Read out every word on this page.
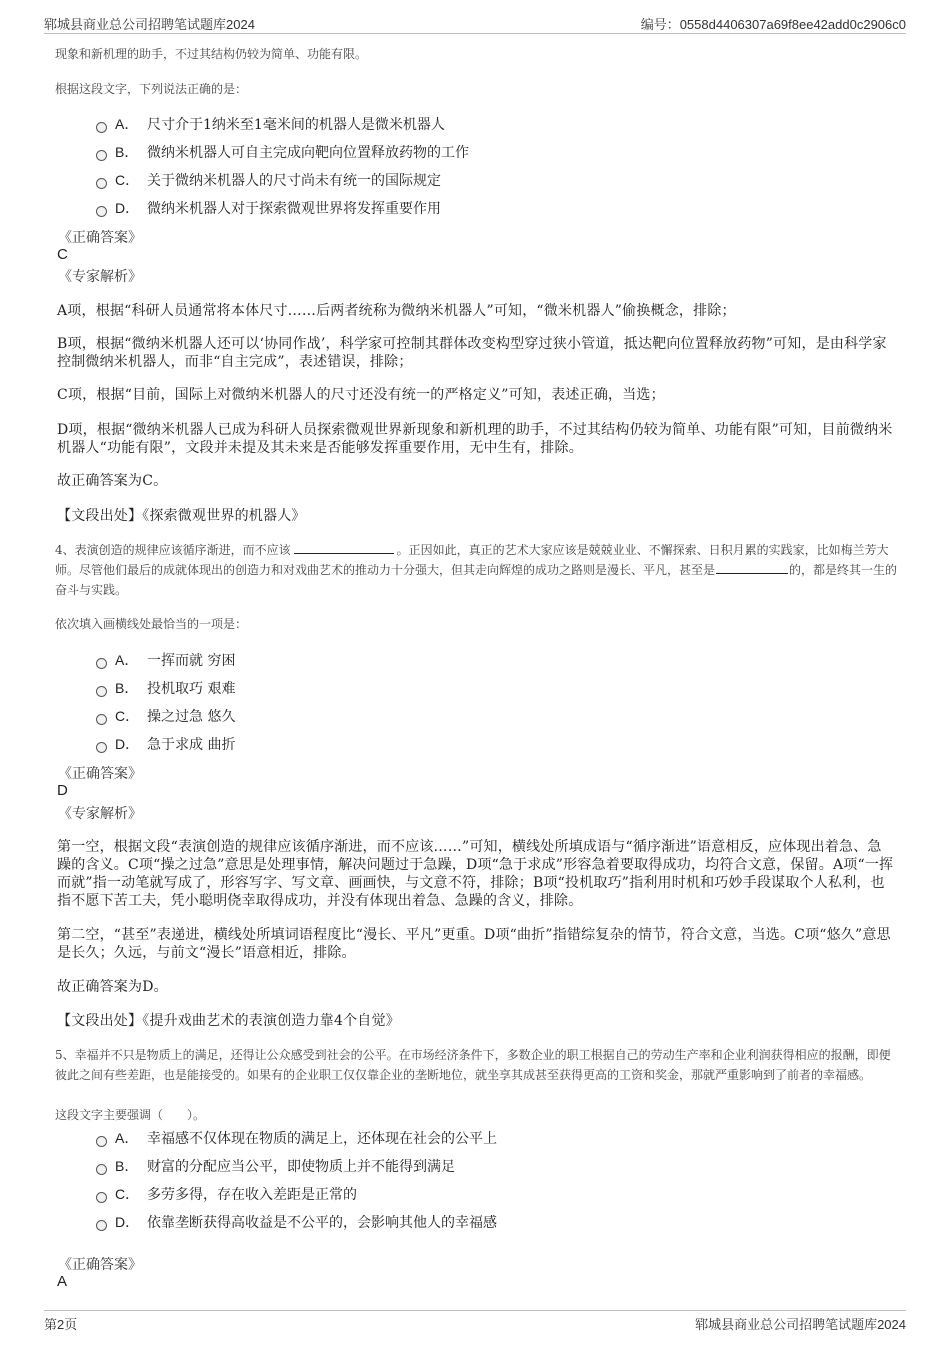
郓城县商业总公司招聘笔试题库2024	编号：0558d4406307a69f8ee42add0c2906c0
现象和新机理的助手，不过其结构仍较为简单、功能有限。
根据这段文字，下列说法正确的是：
A． 尺寸介于1纳米至1毫米间的机器人是微米机器人
B． 微纳米机器人可自主完成向靶向位置释放药物的工作
C． 关于微纳米机器人的尺寸尚未有统一的国际规定
D． 微纳米机器人对于探索微观世界将发挥重要作用
《正确答案》
C
《专家解析》
A项，根据“科研人员通常将本体尺寸……后两者统称为微纳米机器人”可知，“微米机器人”偷换概念，排除；
B项，根据“微纳米机器人还可以‘协同作战’，科学家可控制其群体改变构型穿过狭小管道，抵达靶向位置释放药物”可知，是由科学家控制微纳米机器人，而非“自主完成”，表述错误，排除；
C项，根据“目前，国际上对微纳米机器人的尺寸还没有统一的严格定义”可知，表述正确，当选；
D项，根据“微纳米机器人已成为科研人员探索微观世界新现象和新机理的助手，不过其结构仍较为简单、功能有限”可知，目前微纳米机器人“功能有限”，文段并未提及其未来是否能够发挥重要作用，无中生有，排除。
故正确答案为C。
【文段出处】《探索微观世界的机器人》
4、表演创造的规律应该循序渐进，而不应该	。正因如此，真正的艺术大家应该是兢兢业业、不懈探索、日积月累的实践家，比如梅兰芳大师。尽管他们最后的成就体现出的创造力和对戏曲艺术的推动力十分强大，但其走向辉煌的成功之路则是漫长、平凡，甚至是	的，都是终其一生的奋斗与实践。
依次填入画横线处最恰当的一项是：
A． 一挥而就 穷困
B． 投机取巧 艰难
C． 操之过急 悠久
D． 急于求成 曲折
《正确答案》
D
《专家解析》
第一空，根据文段“表演创造的规律应该循序渐进，而不应该……”可知，横线处所填成语与“循序渐进”语意相反，应体现出着急、急躁的含义。C项“操之过急”意思是处理事情，解决问题过于急躁，D项“急于求成”形容急着要取得成功，均符合文意，保留。A项“一挥而就”指一动笔就写成了，形容写字、写文章、画画快，与文意不符，排除；B项“投机取巧”指利用时机和巧妙手段谋取个人私利，也指不愿下苦工夫，凭小聪明侥幸取得成功，并没有体现出着急、急躁的含义，排除。
第二空，“甚至”表递进，横线处所填词语程度比“漫长、平凡”更重。D项“曲折”指错综复杂的情节，符合文意，当选。C项“悠久”意思是长久；久远，与前文“漫长”语意相近，排除。
故正确答案为D。
【文段出处】《提升戏曲艺术的表演创造力靠4个自觉》
5、幸福并不只是物质上的满足，还得让公众感受到社会的公平。在市场经济条件下，多数企业的职工根据自己的劳动生产率和企业利润获得相应的报酬，即便彼此之间有些差距，也是能接受的。如果有的企业职工仅仅靠企业的垄断地位，就坐享其成甚至获得更高的工资和奖金，那就严重影响到了前者的幸福感。
这段文字主要强调（　　）。
A． 幸福感不仅体现在物质的满足上，还体现在社会的公平上
B． 财富的分配应当公平，即使物质上并不能得到满足
C． 多劳多得，存在收入差距是正常的
D． 依靠垄断获得高收益是不公平的，会影响其他人的幸福感
《正确答案》
A
第2页	郓城县商业总公司招聘笔试题库2024
